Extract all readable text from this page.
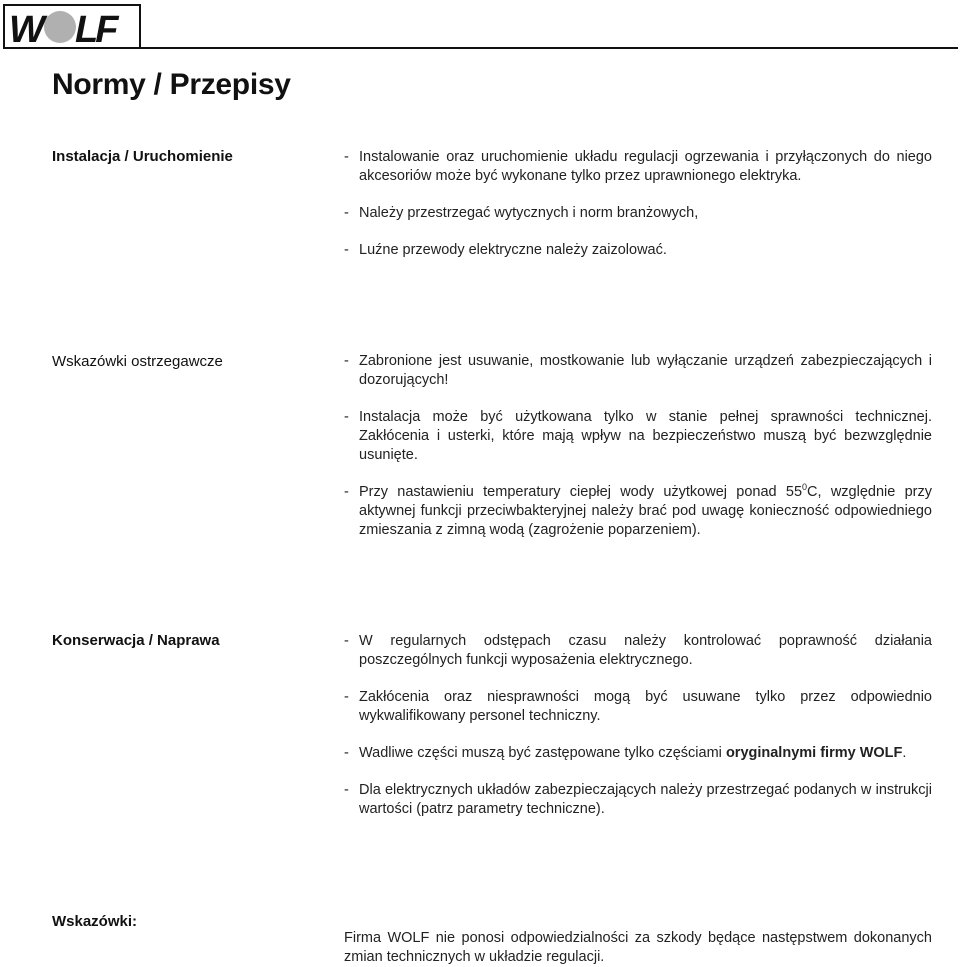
W LF
Normy / Przepisy
Instalacja / Uruchomienie	- Instalowanie oraz uruchomienie układu regulacji ogrzewania i przyłączonych do niego akcesoriów może być wykonane tylko przez uprawnionego elektryka.
- Należy przestrzegać wytycznych i norm branżowych,
- Luźne przewody elektryczne należy zaizolować.
Wskazówki ostrzegawcze	- Zabronione jest usuwanie, mostkowanie lub wyłączanie urządzeń zabezpieczających i dozorujących!
- Instalacja może być użytkowana tylko w stanie pełnej sprawności technicznej. Zakłócenia i usterki, które mają wpływ na bezpieczeństwo muszą być bezwzględnie usunięte.
- Przy nastawieniu temperatury ciepłej wody użytkowej ponad $55^0C$, względnie przy aktywnej funkcji przeciwbakteryjnej należy brać pod uwagę konieczność odpowiedniego zmieszania z zimną wodą (zagrożenie poparzeniem).
Konserwacja / Naprawa	- W regularnych odstępach czasu należy kontrolować poprawność działania poszczególnych funkcji wyposażenia elektrycznego.
- Zakłócenia oraz niesprawności mogą być usuwane tylko przez odpowiednio wykwalifikowany personel techniczny.
- Wadliwe części muszą być zastępowane tylko częściami oryginalnymi firmy WOLF.
- Dla elektrycznych układów zabezpieczających należy przestrzegać podanych w instrukcji wartości (patrz parametry techniczne).
Wskazówki:
Firma WOLF nie ponosi odpowiedzialności za szkody będące następstwem dokonanych zmian technicznych w układzie regulacji.
